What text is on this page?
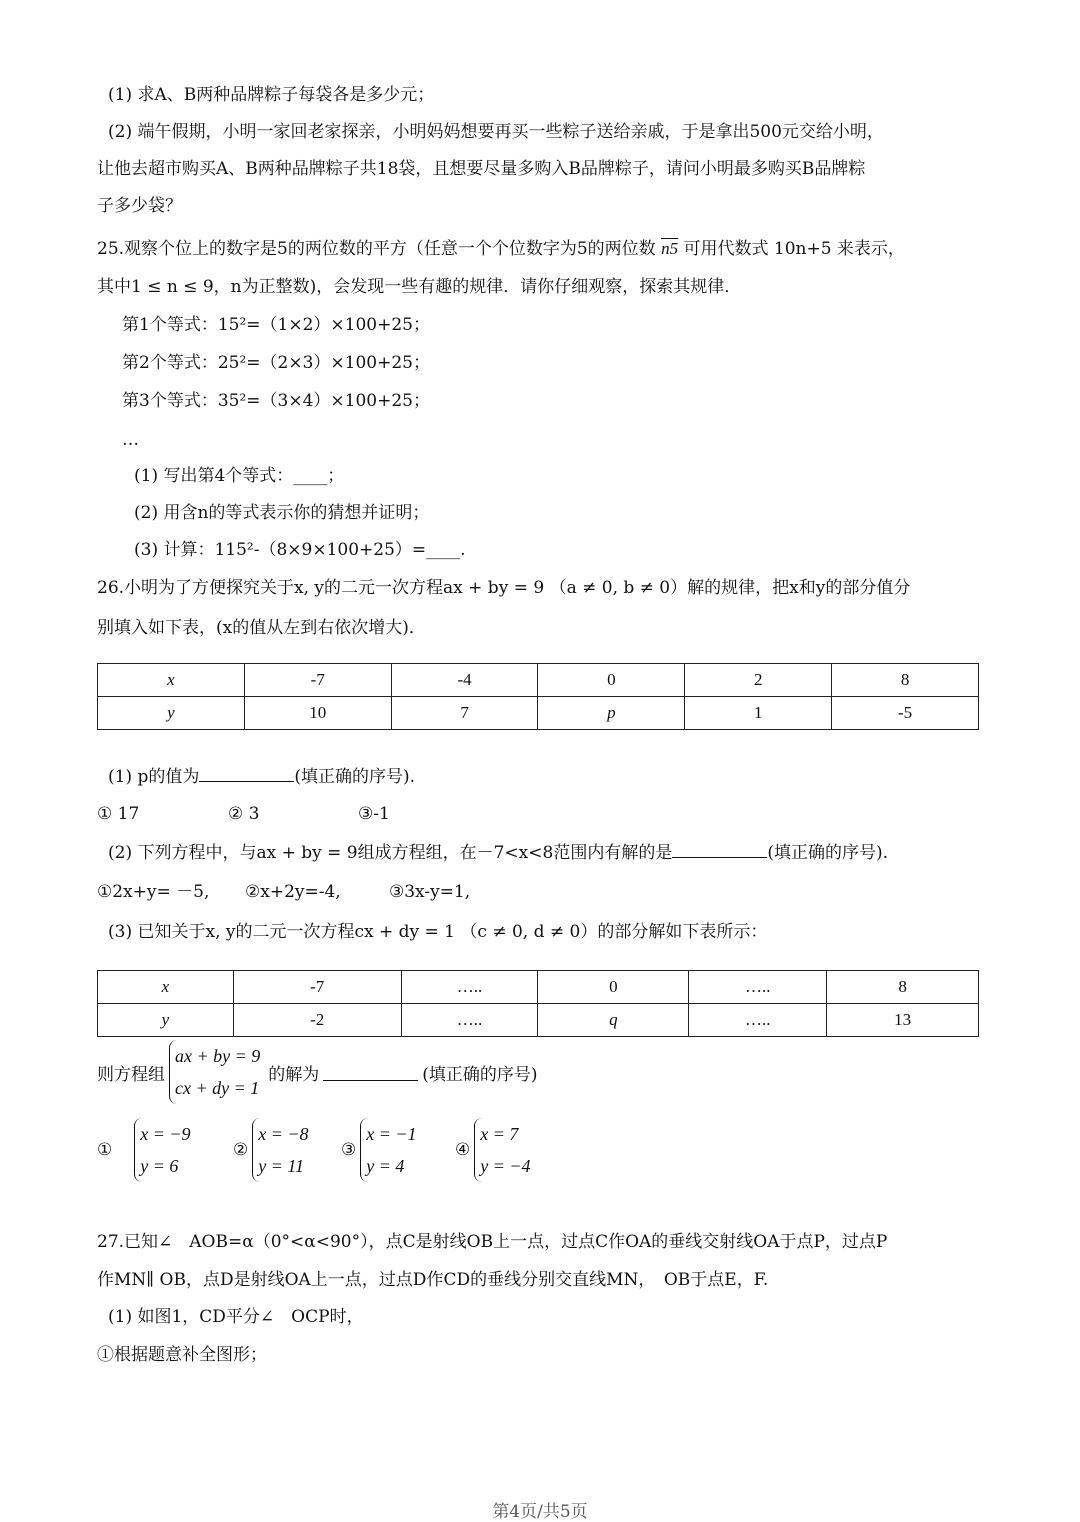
(1) 求A、B两种品牌粽子每袋各是多少元；
(2) 端午假期，小明一家回老家探亲，小明妈妈想要再买一些粽子送给亲戚，于是拿出500元交给小明，
让他去超市购买A、B两种品牌粽子共18袋，且想要尽量多购入B品牌粽子，请问小明最多购买B品牌粽
子多少袋？
25.观察个位上的数字是5的两位数的平方（任意一个个位数字为5的两位数 n5 可用代数式 10n+5 来表示，
其中1 ≤ n ≤ 9，n为正整数)，会发现一些有趣的规律．请你仔细观察，探索其规律．
第1个等式：15²=（1×2）×100+25；
第2个等式：25²=（2×3）×100+25；
第3个等式：35²=（3×4）×100+25；
…
(1) 写出第4个等式：____；
(2) 用含n的等式表示你的猜想并证明；
(3) 计算：115²-（8×9×100+25）=____.
26.小明为了方便探究关于x, y的二元一次方程ax + by = 9 （a ≠ 0, b ≠ 0）解的规律，把x和y的部分值分
别填入如下表，(x的值从左到右依次增大)．
x	-7	-4	0	2	8
y	10	7	p	1	-5
(1) p的值为	(填正确的序号).
① 17	② 3	③-1
(2) 下列方程中，与ax + by = 9组成方程组，在－7<x<8范围内有解的是	(填正确的序号).
①2x+y= －5, ②x+2y=-4,	③3x-y=1,
(3) 已知关于x, y的二元一次方程cx + dy = 1 （c ≠ 0, d ≠ 0）的部分解如下表所示：
x	-7	…..	0	…..	8
y	-2	…..	q	…..	13
则方程组
ax + by = 9
cx + dy = 1
的解为	(填正确的序号)
①
x = −9
y = 6
②
x = −8
y = 11
③
x = −1
y = 4
④
x = 7
y = −4
27.已知∠　AOB=α（0°<α<90°），点C是射线OB上一点，过点C作OA的垂线交射线OA于点P，过点P
作MN∥ OB，点D是射线OA上一点，过点D作CD的垂线分别交直线MN，　OB于点E，F.
(1) 如图1，CD平分∠　OCP时，
①根据题意补全图形；
第4页/共5页
